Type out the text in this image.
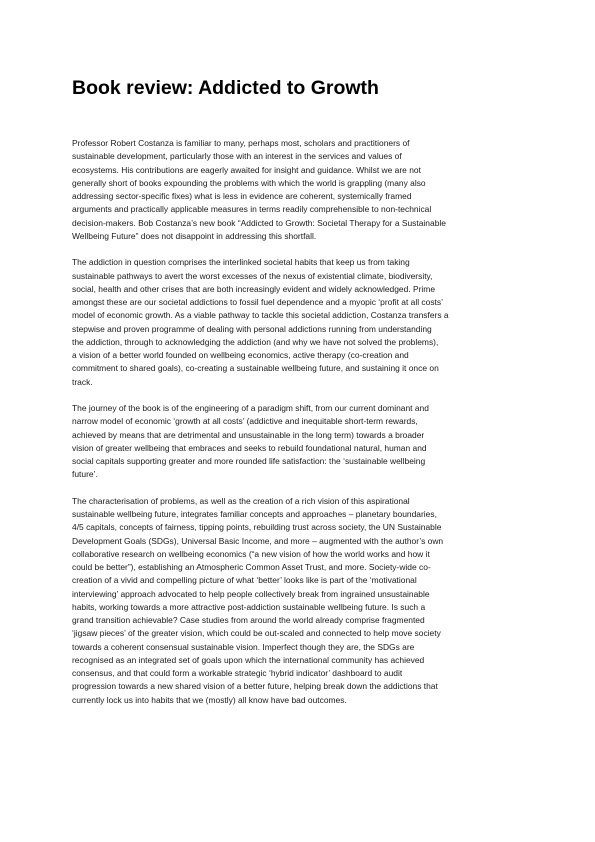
Book review: Addicted to Growth

Professor Robert Costanza is familiar to many, perhaps most, scholars and practitioners of
sustainable development, particularly those with an interest in the services and values of
ecosystems. His contributions are eagerly awaited for insight and guidance. Whilst we are not
generally short of books expounding the problems with which the world is grappling (many also
addressing sector-specific fixes) what is less in evidence are coherent, systemically framed
arguments and practically applicable measures in terms readily comprehensible to non-technical
decision-makers. Bob Costanza’s new book “Addicted to Growth: Societal Therapy for a Sustainable
Wellbeing Future” does not disappoint in addressing this shortfall.

The addiction in question comprises the interlinked societal habits that keep us from taking
sustainable pathways to avert the worst excesses of the nexus of existential climate, biodiversity,
social, health and other crises that are both increasingly evident and widely acknowledged. Prime
amongst these are our societal addictions to fossil fuel dependence and a myopic ‘profit at all costs’
model of economic growth. As a viable pathway to tackle this societal addiction, Costanza transfers a
stepwise and proven programme of dealing with personal addictions running from understanding
the addiction, through to acknowledging the addiction (and why we have not solved the problems),
a vision of a better world founded on wellbeing economics, active therapy (co-creation and
commitment to shared goals), co-creating a sustainable wellbeing future, and sustaining it once on
track.

The journey of the book is of the engineering of a paradigm shift, from our current dominant and
narrow model of economic ‘growth at all costs’ (addictive and inequitable short-term rewards,
achieved by means that are detrimental and unsustainable in the long term) towards a broader
vision of greater wellbeing that embraces and seeks to rebuild foundational natural, human and
social capitals supporting greater and more rounded life satisfaction: the ‘sustainable wellbeing
future’.

The characterisation of problems, as well as the creation of a rich vision of this aspirational
sustainable wellbeing future, integrates familiar concepts and approaches – planetary boundaries,
4/5 capitals, concepts of fairness, tipping points, rebuilding trust across society, the UN Sustainable
Development Goals (SDGs), Universal Basic Income, and more – augmented with the author’s own
collaborative research on wellbeing economics (“a new vision of how the world works and how it
could be better”), establishing an Atmospheric Common Asset Trust, and more. Society-wide co-
creation of a vivid and compelling picture of what ‘better’ looks like is part of the ‘motivational
interviewing’ approach advocated to help people collectively break from ingrained unsustainable
habits, working towards a more attractive post-addiction sustainable wellbeing future. Is such a
grand transition achievable? Case studies from around the world already comprise fragmented
‘jigsaw pieces’ of the greater vision, which could be out-scaled and connected to help move society
towards a coherent consensual sustainable vision. Imperfect though they are, the SDGs are
recognised as an integrated set of goals upon which the international community has achieved
consensus, and that could form a workable strategic ‘hybrid indicator’ dashboard to audit
progression towards a new shared vision of a better future, helping break down the addictions that
currently lock us into habits that we (mostly) all know have bad outcomes.
